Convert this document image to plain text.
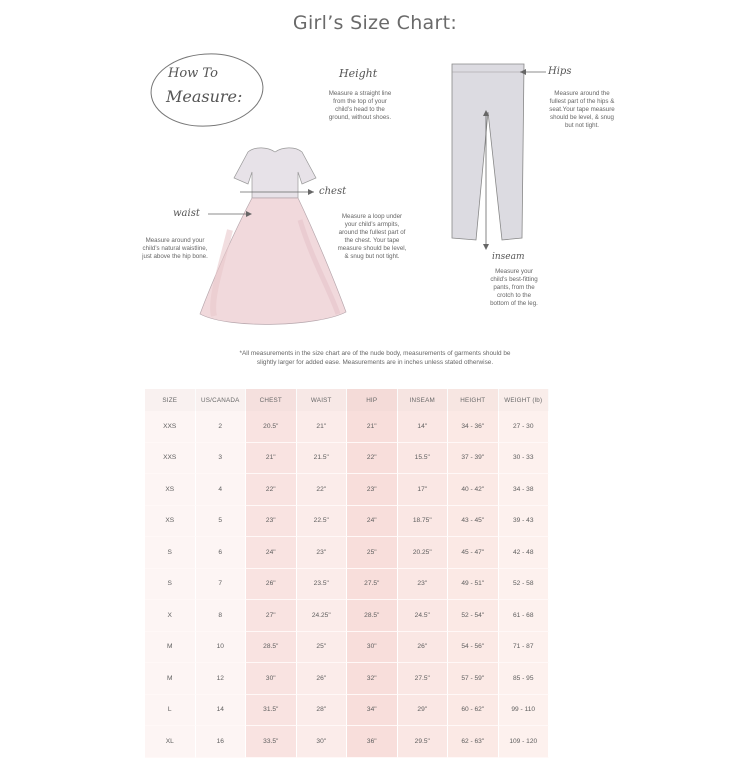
Girl’s Size Chart:
How To
Measure:
Height
Measure a straight line
from the top of your
child’s head to the
ground, without shoes.
chest
Measure a loop under
your child’s armpits,
around the fullest part of
the chest. Your tape
measure should be level,
& snug but not tight.
waist
Measure around your
child’s natural waistline,
just above the hip bone.
Hips
Measure around the
fullest part of the hips &
seat.Your tape measure
should be level, & snug
but not tight.
inseam
Measure your
child’s best-fitting
pants, from the
crotch to the
bottom of the leg.
*All measurements in the size chart are of the nude body, measurements of garments should be
slightly larger for added ease. Measurements are in inches unless stated otherwise.
SIZE	US/CANADA	CHEST	WAIST	HIP	INSEAM	HEIGHT	WEIGHT (lb)
XXS	2	20.5"	21"	21"	14"	34 - 36"	27 - 30
XXS	3	21"	21.5"	22"	15.5"	37 - 39"	30 - 33
XS	4	22"	22"	23"	17"	40 - 42"	34 - 38
XS	5	23"	22.5"	24"	18.75"	43 - 45"	39 - 43
S	6	24"	23"	25"	20.25"	45 - 47"	42 - 48
S	7	26"	23.5"	27.5"	23"	49 - 51"	52 - 58
X	8	27"	24.25"	28.5"	24.5"	52 - 54"	61 - 68
M	10	28.5"	25"	30"	26"	54 - 56"	71 - 87
M	12	30"	26"	32"	27.5"	57 - 59"	85 - 95
L	14	31.5"	28"	34"	29"	60 - 62"	99 - 110
XL	16	33.5"	30"	36"	29.5"	62 - 63"	109 - 120
